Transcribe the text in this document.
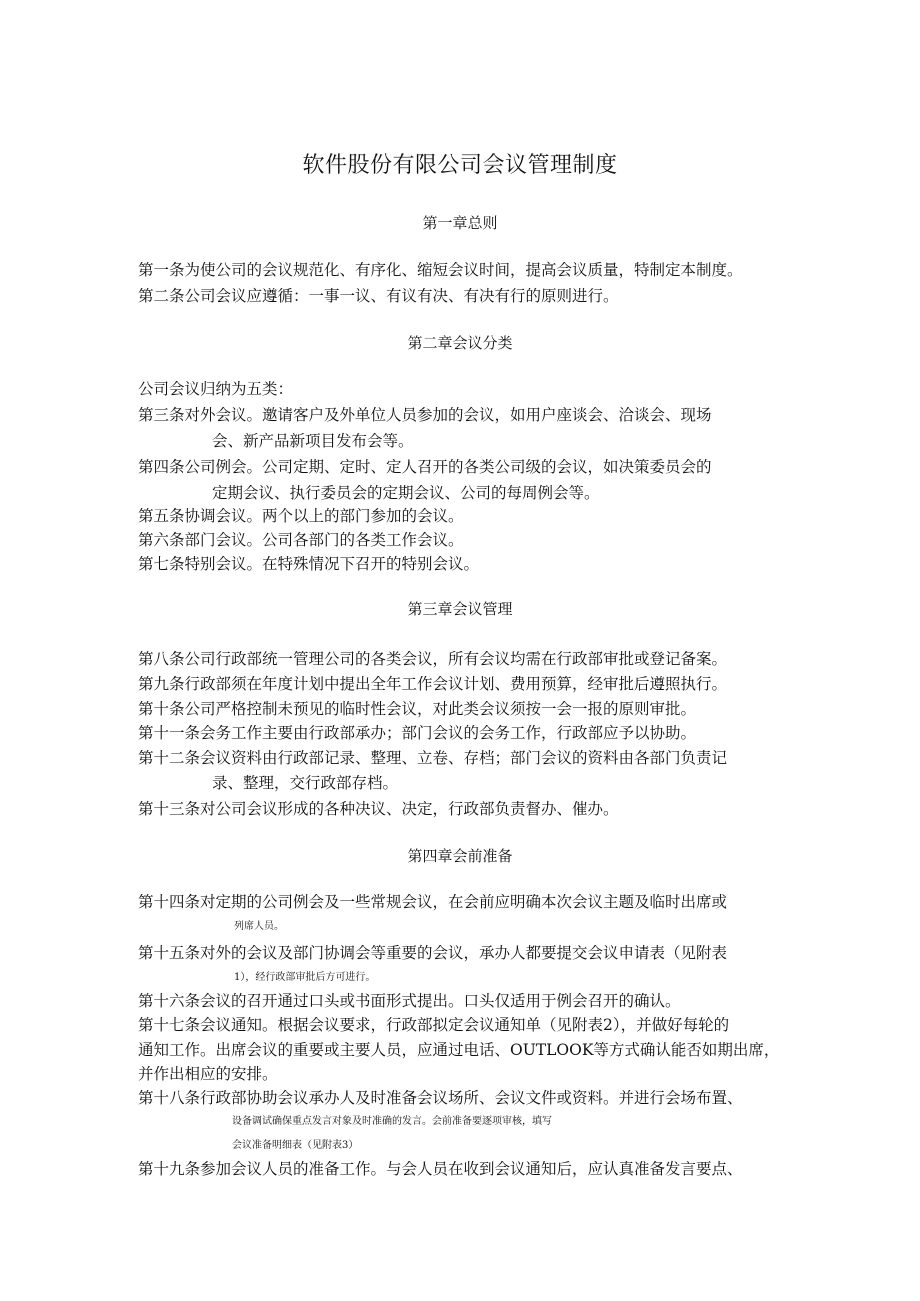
软件股份有限公司会议管理制度
第一章总则
第一条为使公司的会议规范化、有序化、缩短会议时间，提高会议质量，特制定本制度。
第二条公司会议应遵循：一事一议、有议有决、有决有行的原则进行。
第二章会议分类
公司会议归纳为五类：
第三条对外会议。邀请客户及外单位人员参加的会议，如用户座谈会、洽谈会、现场
会、新产品新项目发布会等。
第四条公司例会。公司定期、定时、定人召开的各类公司级的会议，如决策委员会的
定期会议、执行委员会的定期会议、公司的每周例会等。
第五条协调会议。两个以上的部门参加的会议。
第六条部门会议。公司各部门的各类工作会议。
第七条特别会议。在特殊情况下召开的特别会议。
第三章会议管理
第八条公司行政部统一管理公司的各类会议，所有会议均需在行政部审批或登记备案。
第九条行政部须在年度计划中提出全年工作会议计划、费用预算，经审批后遵照执行。
第十条公司严格控制未预见的临时性会议，对此类会议须按一会一报的原则审批。
第十一条会务工作主要由行政部承办；部门会议的会务工作，行政部应予以协助。
第十二条会议资料由行政部记录、整理、立卷、存档；部门会议的资料由各部门负责记
录、整理，交行政部存档。
第十三条对公司会议形成的各种决议、决定，行政部负责督办、催办。
第四章会前准备
第十四条对定期的公司例会及一些常规会议，在会前应明确本次会议主题及临时出席或
列席人员。
第十五条对外的会议及部门协调会等重要的会议，承办人都要提交会议申请表（见附表
1），经行政部审批后方可进行。
第十六条会议的召开通过口头或书面形式提出。口头仅适用于例会召开的确认。
第十七条会议通知。根据会议要求，行政部拟定会议通知单（见附表2），并做好每轮的
通知工作。出席会议的重要或主要人员，应通过电话、OUTLOOK等方式确认能否如期出席，
并作出相应的安排。
第十八条行政部协助会议承办人及时准备会议场所、会议文件或资料。并进行会场布置、
设备调试确保重点发言对象及时准确的发言。会前准备要逐项审核，填写
会议准备明细表（见附表3）
第十九条参加会议人员的准备工作。与会人员在收到会议通知后，应认真准备发言要点、
